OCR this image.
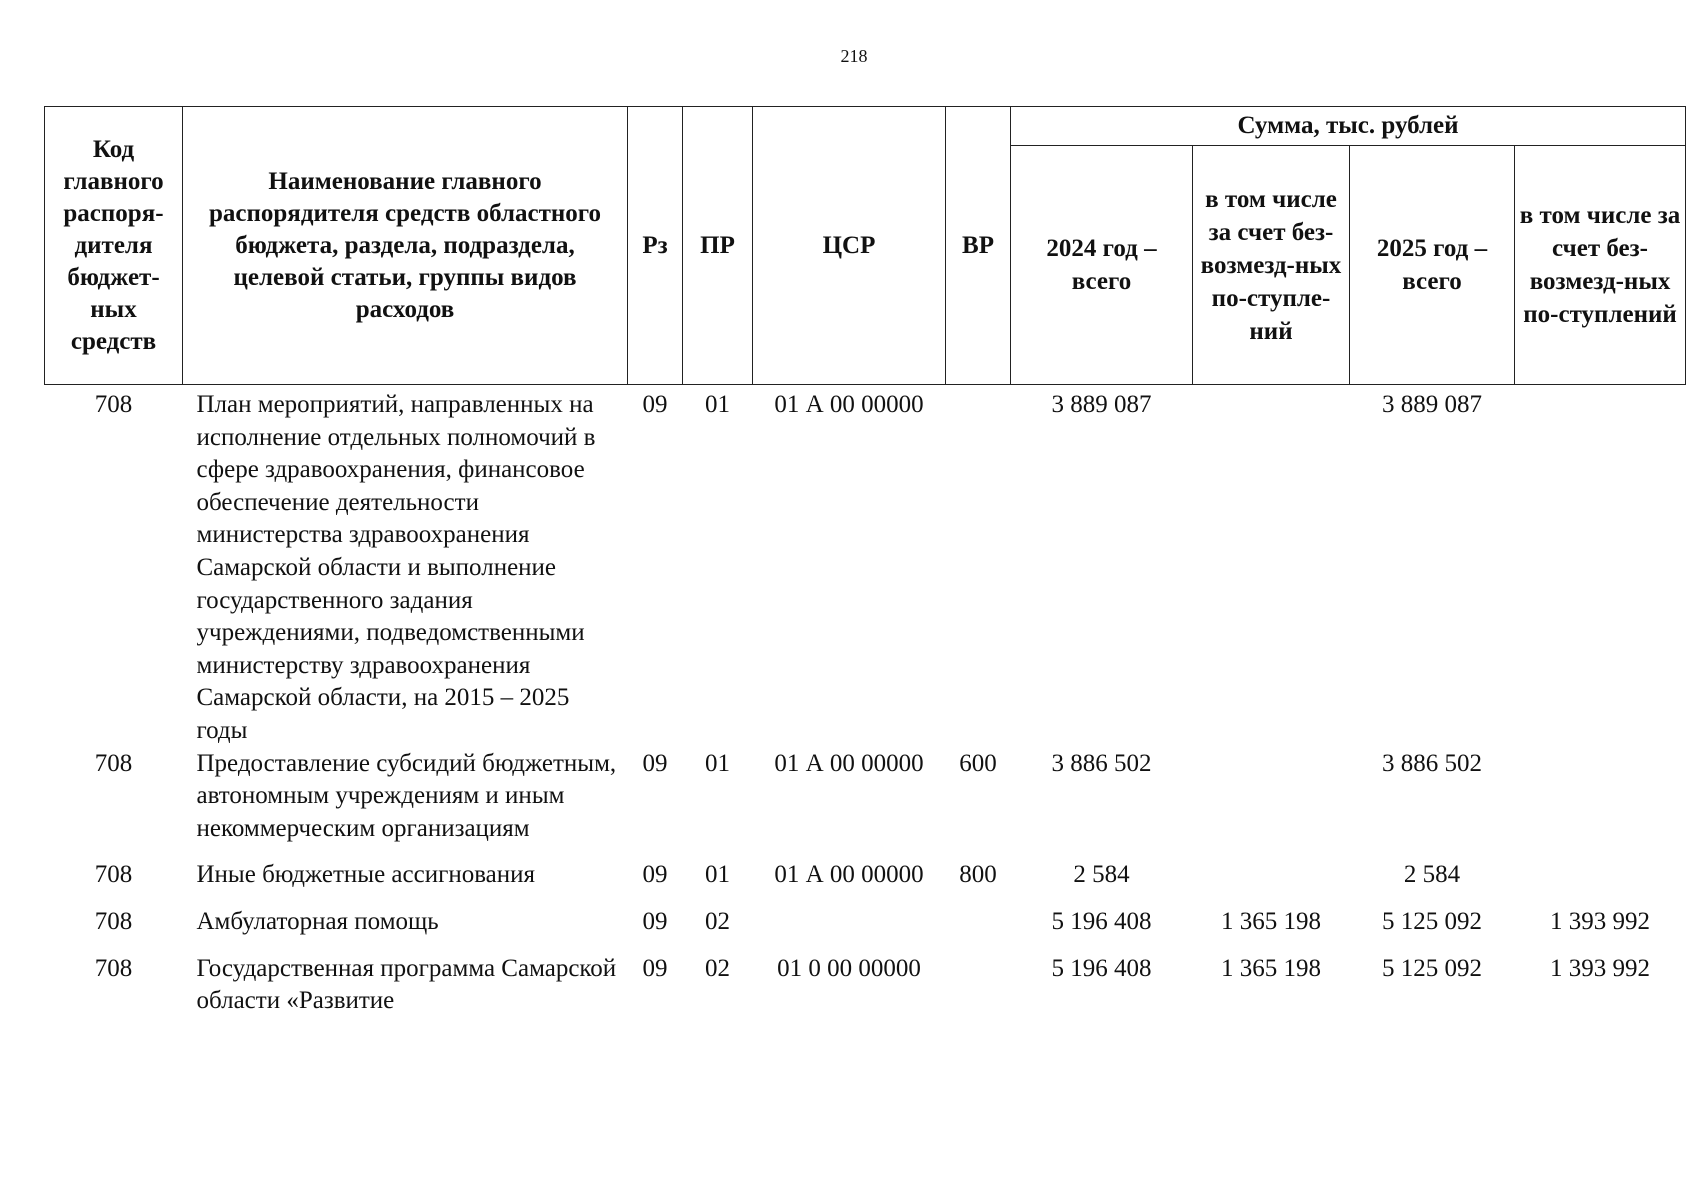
218
Код главного распоря-дителя бюджет-ных средств	Наименование главного распорядителя средств областного бюджета, раздела, подраздела, целевой статьи, группы видов расходов	Рз	ПР	ЦСР	ВР	Сумма, тыс. рублей			
						2024 год – всего	в том числе за счет без-возмезд-ных по-ступле-ний	2025 год – всего	в том числе за счет без-возмезд-ных по-ступлений
708	План мероприятий, направленных на исполнение отдельных полномочий в сфере здравоохранения, финансовое обеспечение деятельности министерства здравоохранения Самарской области и выполнение государственного задания учреждениями, подведомственными министерству здравоохранения Самарской области, на 2015 – 2025 годы	09	01	01 А 00 00000		3 889 087		3 889 087	
708	Предоставление субсидий бюджетным, автономным учреждениям и иным некоммерческим организациям	09	01	01 А 00 00000	600	3 886 502		3 886 502	
708	Иные бюджетные ассигнования	09	01	01 А 00 00000	800	2 584		2 584	
708	Амбулаторная помощь	09	02			5 196 408	1 365 198	5 125 092	1 393 992
708	Государственная программа Самарской области «Развитие	09	02	01 0 00 00000		5 196 408	1 365 198	5 125 092	1 393 992
